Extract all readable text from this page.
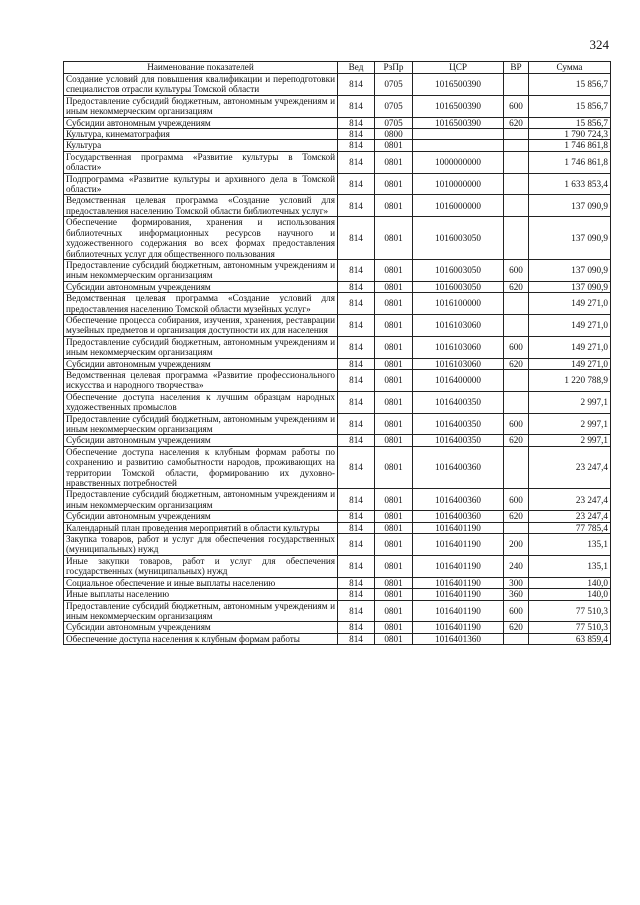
324
Наименование показателей	Вед	РзПр	ЦСР	ВР	Сумма
Создание условий для повышения квалификации и переподготовки специалистов отрасли культуры Томской области	814	0705	1016500390		15 856,7
Предоставление субсидий бюджетным, автономным учреждениям и иным некоммерческим организациям	814	0705	1016500390	600	15 856,7
Субсидии автономным учреждениям	814	0705	1016500390	620	15 856,7
Культура, кинематография	814	0800			1 790 724,3
Культура	814	0801			1 746 861,8
Государственная программа «Развитие культуры в Томской области»	814	0801	1000000000		1 746 861,8
Подпрограмма «Развитие культуры и архивного дела в Томской области»	814	0801	1010000000		1 633 853,4
Ведомственная целевая программа «Создание условий для предоставления населению Томской области библиотечных услуг»	814	0801	1016000000		137 090,9
Обеспечение формирования, хранения и использования библиотечных информационных ресурсов научного и художественного содержания во всех формах предоставления библиотечных услуг для общественного пользования	814	0801	1016003050		137 090,9
Предоставление субсидий бюджетным, автономным учреждениям и иным некоммерческим организациям	814	0801	1016003050	600	137 090,9
Субсидии автономным учреждениям	814	0801	1016003050	620	137 090,9
Ведомственная целевая программа «Создание условий для предоставления населению Томской области музейных услуг»	814	0801	1016100000		149 271,0
Обеспечение процесса собирания, изучения, хранения, реставрации музейных предметов и организация доступности их для населения	814	0801	1016103060		149 271,0
Предоставление субсидий бюджетным, автономным учреждениям и иным некоммерческим организациям	814	0801	1016103060	600	149 271,0
Субсидии автономным учреждениям	814	0801	1016103060	620	149 271,0
Ведомственная целевая программа «Развитие профессионального искусства и народного творчества»	814	0801	1016400000		1 220 788,9
Обеспечение доступа населения к лучшим образцам народных художественных промыслов	814	0801	1016400350		2 997,1
Предоставление субсидий бюджетным, автономным учреждениям и иным некоммерческим организациям	814	0801	1016400350	600	2 997,1
Субсидии автономным учреждениям	814	0801	1016400350	620	2 997,1
Обеспечение доступа населения к клубным формам работы по сохранению и развитию самобытности народов, проживающих на территории Томской области, формированию их духовно-нравственных потребностей	814	0801	1016400360		23 247,4
Предоставление субсидий бюджетным, автономным учреждениям и иным некоммерческим организациям	814	0801	1016400360	600	23 247,4
Субсидии автономным учреждениям	814	0801	1016400360	620	23 247,4
Календарный план проведения мероприятий в области культуры	814	0801	1016401190		77 785,4
Закупка товаров, работ и услуг для обеспечения государственных (муниципальных) нужд	814	0801	1016401190	200	135,1
Иные закупки товаров, работ и услуг для обеспечения государственных (муниципальных) нужд	814	0801	1016401190	240	135,1
Социальное обеспечение и иные выплаты населению	814	0801	1016401190	300	140,0
Иные выплаты населению	814	0801	1016401190	360	140,0
Предоставление субсидий бюджетным, автономным учреждениям и иным некоммерческим организациям	814	0801	1016401190	600	77 510,3
Субсидии автономным учреждениям	814	0801	1016401190	620	77 510,3
Обеспечение доступа населения к клубным формам работы	814	0801	1016401360		63 859,4
